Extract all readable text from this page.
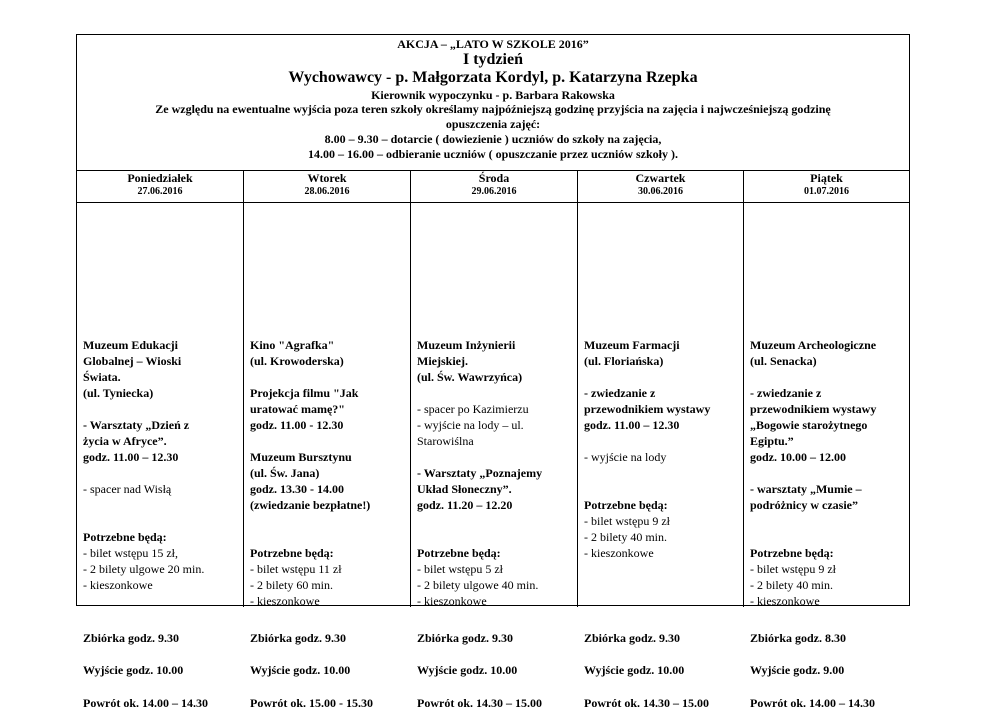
AKCJA – „LATO W SZKOLE 2016”
I tydzień
Wychowawcy - p. Małgorzata Kordyl, p. Katarzyna Rzepka
Kierownik wypoczynku - p. Barbara Rakowska
Ze względu na ewentualne wyjścia poza teren szkoły określamy najpóźniejszą godzinę przyjścia na zajęcia i najwcześniejszą godzinę
opuszczenia zajęć:
8.00 – 9.30 – dotarcie ( dowiezienie ) uczniów do szkoły na zajęcia,
14.00 – 16.00 – odbieranie uczniów ( opuszczanie przez uczniów szkoły ).
Poniedziałek
27.06.2016
Muzeum Edukacji
Globalnej – Wioski
Świata.
(ul. Tyniecka)
- Warsztaty „Dzień z
życia w Afryce”.
godz. 11.00 – 12.30
- spacer nad Wisłą
Potrzebne będą:
- bilet wstępu 15 zł,
- 2 bilety ulgowe 20 min.
- kieszonkowe
Zbiórka godz. 9.30
Wyjście godz. 10.00
Powrót ok. 14.00 – 14.30
Wtorek
28.06.2016
Kino "Agrafka"
(ul. Krowoderska)
Projekcja filmu "Jak
uratować mamę?"
godz. 11.00 - 12.30
Muzeum Bursztynu
(ul. Św. Jana)
godz. 13.30 - 14.00
(zwiedzanie bezpłatne!)
Potrzebne będą:
- bilet wstępu 11 zł
- 2 bilety 60 min.
- kieszonkowe
Zbiórka godz. 9.30
Wyjście godz. 10.00
Powrót ok. 15.00 - 15.30
Środa
29.06.2016
Muzeum Inżynierii
Miejskiej.
(ul. Św. Wawrzyńca)
- spacer po Kazimierzu
- wyjście na lody – ul.
Starowiślna
- Warsztaty „Poznajemy
Układ Słoneczny”.
godz. 11.20 – 12.20
Potrzebne będą:
- bilet wstępu 5 zł
- 2 bilety ulgowe 40 min.
- kieszonkowe
Zbiórka godz. 9.30
Wyjście godz. 10.00
Powrót ok. 14.30 – 15.00
Czwartek
30.06.2016
Muzeum Farmacji
(ul. Floriańska)
- zwiedzanie z
przewodnikiem wystawy
godz. 11.00 – 12.30
- wyjście na lody
Potrzebne będą:
- bilet wstępu 9 zł
- 2 bilety 40 min.
- kieszonkowe
Zbiórka godz. 9.30
Wyjście godz. 10.00
Powrót ok. 14.30 – 15.00
Piątek
01.07.2016
Muzeum Archeologiczne
(ul. Senacka)
- zwiedzanie z
przewodnikiem wystawy
„Bogowie starożytnego
Egiptu.”
godz. 10.00 – 12.00
- warsztaty „Mumie –
podróżnicy w czasie”
Potrzebne będą:
- bilet wstępu 9 zł
- 2 bilety 40 min.
- kieszonkowe
Zbiórka godz. 8.30
Wyjście godz. 9.00
Powrót ok. 14.00 – 14.30
